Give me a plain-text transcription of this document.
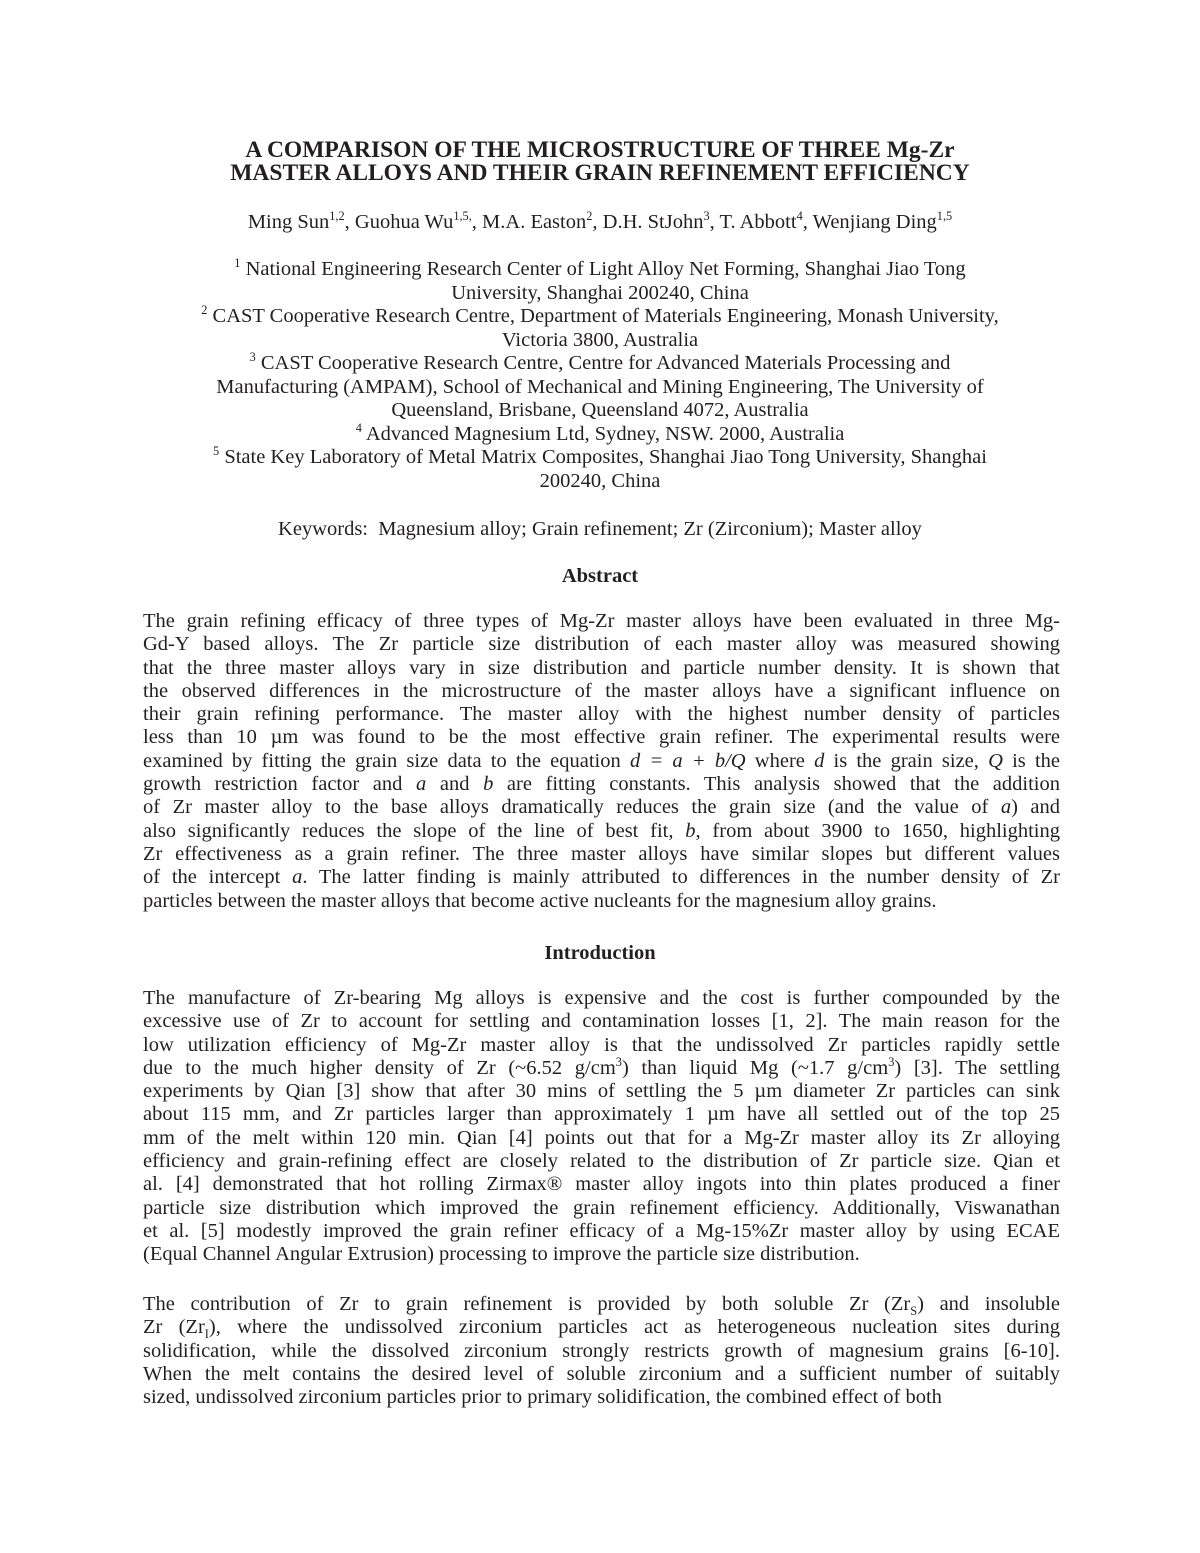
A COMPARISON OF THE MICROSTRUCTURE OF THREE Mg-Zr
MASTER ALLOYS AND THEIR GRAIN REFINEMENT EFFICIENCY
Ming Sun$^{1,2}$, Guohua $Wu^{1,5,}$, M.A. Easton$^2$, D.H. StJohn$^3$, T. Abbott$^4$, Wenjiang Ding$^{1,5}$
$^1$ National Engineering Research Center of Light Alloy Net Forming, Shanghai Jiao Tong
University, Shanghai 200240, China
$^2$ CAST Cooperative Research Centre, Department of Materials Engineering, Monash University,
Victoria 3800, Australia
$^3$ CAST Cooperative Research Centre, Centre for Advanced Materials Processing and
Manufacturing (AMPAM), School of Mechanical and Mining Engineering, The University of
Queensland, Brisbane, Queensland 4072, Australia
$^4$ Advanced Magnesium Ltd, Sydney, NSW. 2000, Australia
$^5$ State Key Laboratory of Metal Matrix Composites, Shanghai Jiao Tong University, Shanghai
200240, China
Keywords: Magnesium alloy; Grain refinement; Zr (Zirconium); Master alloy
Abstract
The grain refining efficacy of three types of Mg-Zr master alloys have been evaluated in three Mg-
Gd-Y based alloys. The Zr particle size distribution of each master alloy was measured showing
that the three master alloys vary in size distribution and particle number density. It is shown that
the observed differences in the microstructure of the master alloys have a significant influence on
their grain refining performance. The master alloy with the highest number density of particles
less than 10 µm was found to be the most effective grain refiner. The experimental results were
examined by fitting the grain size data to the equation d = a + b/Q where d is the grain size, Q is the
growth restriction factor and a and b are fitting constants. This analysis showed that the addition
of Zr master alloy to the base alloys dramatically reduces the grain size (and the value of a) and
also significantly reduces the slope of the line of best fit, b, from about 3900 to 1650, highlighting
Zr effectiveness as a grain refiner. The three master alloys have similar slopes but different values
of the intercept a. The latter finding is mainly attributed to differences in the number density of Zr
particles between the master alloys that become active nucleants for the magnesium alloy grains.
Introduction
The manufacture of Zr-bearing Mg alloys is expensive and the cost is further compounded by the
excessive use of Zr to account for settling and contamination losses [1, 2]. The main reason for the
low utilization efficiency of Mg-Zr master alloy is that the undissolved Zr particles rapidly settle
due to the much higher density of Zr (~6.52 $g/cm^3$) than liquid Mg (~1.7 $g/cm^3$) [3]. The settling
experiments by Qian [3] show that after 30 mins of settling the 5 µm diameter Zr particles can sink
about 115 mm, and Zr particles larger than approximately 1 µm have all settled out of the top 25
mm of the melt within 120 min. Qian [4] points out that for a Mg-Zr master alloy its Zr alloying
efficiency and grain-refining effect are closely related to the distribution of Zr particle size. Qian et
al. [4] demonstrated that hot rolling Zirmax® master alloy ingots into thin plates produced a finer
particle size distribution which improved the grain refinement efficiency. Additionally, Viswanathan
et al. [5] modestly improved the grain refiner efficacy of a Mg-15%Zr master alloy by using ECAE
(Equal Channel Angular Extrusion) processing to improve the particle size distribution.
The contribution of Zr to grain refinement is provided by both soluble Zr $(Zr_S)$ and insoluble
Zr $(Zr_I)$, where the undissolved zirconium particles act as heterogeneous nucleation sites during
solidification, while the dissolved zirconium strongly restricts growth of magnesium grains [6-10].
When the melt contains the desired level of soluble zirconium and a sufficient number of suitably
sized, undissolved zirconium particles prior to primary solidification, the combined effect of both
